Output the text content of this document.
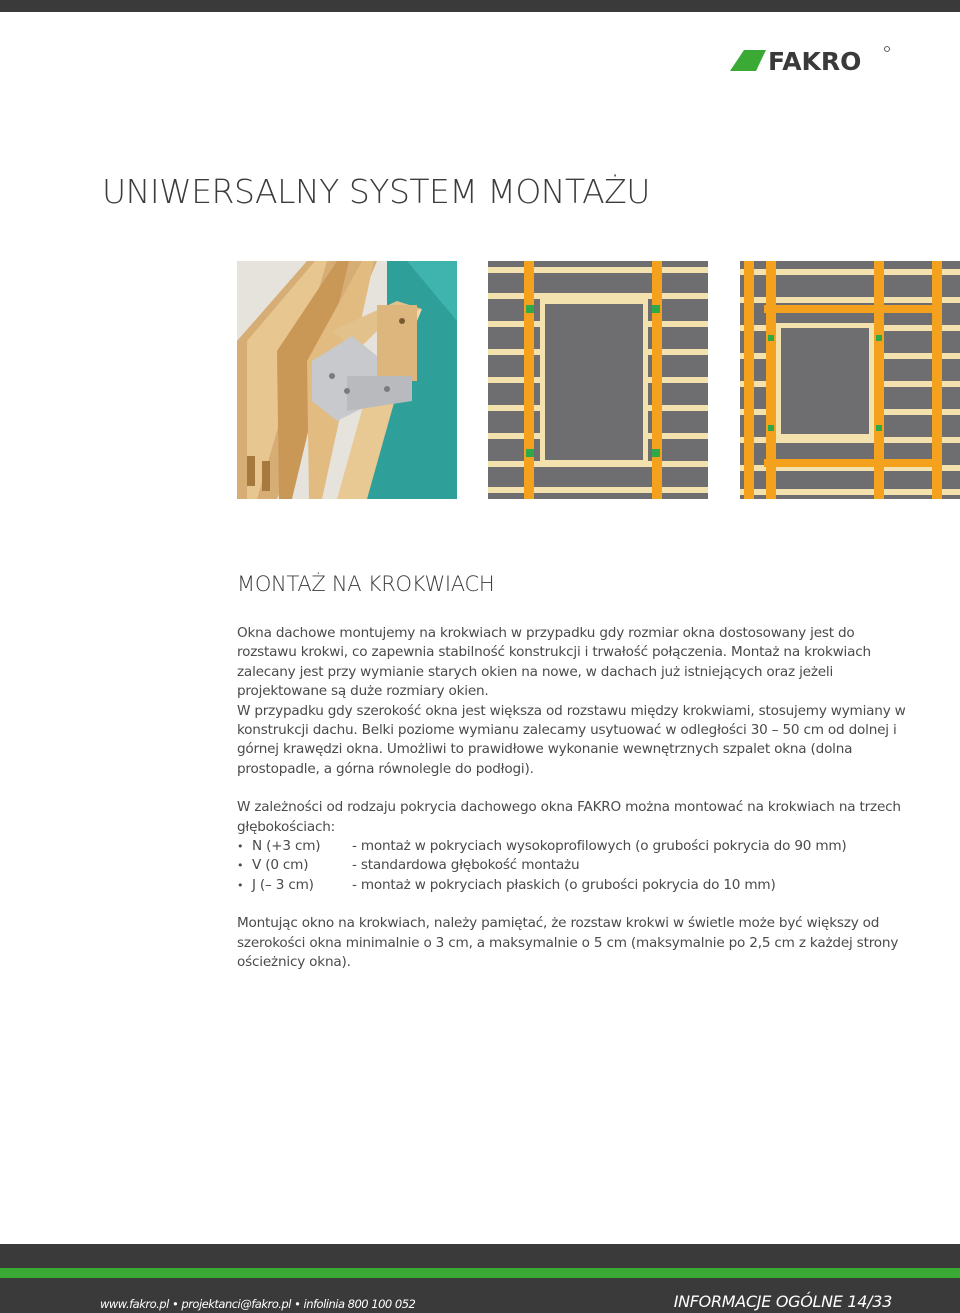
FAKRO
UNIWERSALNY SYSTEM MONTAŻU
MONTAŻ NA KROKWIACH

Okna dachowe montujemy na krokwiach w przypadku gdy rozmiar okna dostosowany jest do rozstawu krokwi, co zapewnia stabilność konstrukcji i trwałość połączenia. Montaż na krokwiach zalecany jest przy wymianie starych okien na nowe, w dachach już istniejących oraz jeżeli projektowane są duże rozmiary okien.

W przypadku gdy szerokość okna jest większa od rozstawu między krokwiami, stosujemy wymiany w konstrukcji dachu. Belki poziome wymianu zalecamy usytuować w odległości 30 – 50 cm od dolnej i górnej krawędzi okna. Umożliwi to prawidłowe wykonanie wewnętrznych szpalet okna (dolna prostopadle, a górna równolegle do podłogi).

W zależności od rodzaju pokrycia dachowego okna FAKRO można montować na krokwiach na trzech głębokościach:

• N (+3 cm) - montaż w pokryciach wysokoprofilowych (o grubości pokrycia do 90 mm)
• V (0 cm)	- standardowa głębokość montażu
• J (– 3 cm)	- montaż w pokryciach płaskich (o grubości pokrycia do 10 mm)

Montując okno na krokwiach, należy pamiętać, że rozstaw krokwi w świetle może być większy od szerokości okna minimalnie o 3 cm, a maksymalnie o 5 cm (maksymalnie po 2,5 cm z każdej strony ościeżnicy okna).

www.fakro.pl • projektanci@fakro.pl • infolinia 800 100 052	INFORMACJE OGÓLNE 14/33
